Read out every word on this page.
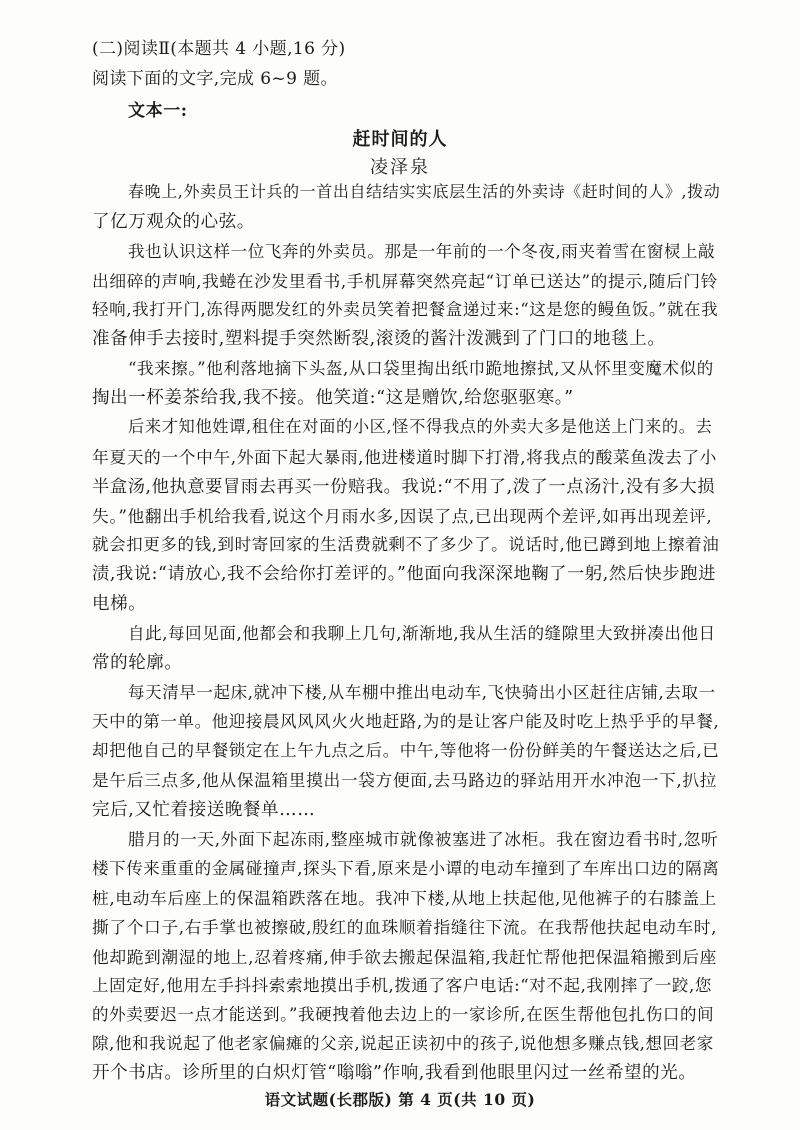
(二)阅读Ⅱ(本题共 4 小题,16 分)
阅读下面的文字,完成 6~9 题。
文本一:
赶时间的人
凌泽泉
春晚上,外卖员王计兵的一首出自结结实实底层生活的外卖诗《赶时间的人》,拨动
了亿万观众的心弦。
我也认识这样一位飞奔的外卖员。那是一年前的一个冬夜,雨夹着雪在窗棂上敲
出细碎的声响,我蜷在沙发里看书,手机屏幕突然亮起“订单已送达”的提示,随后门铃
轻响,我打开门,冻得两腮发红的外卖员笑着把餐盒递过来:“这是您的鳗鱼饭。”就在我
准备伸手去接时,塑料提手突然断裂,滚烫的酱汁泼溅到了门口的地毯上。
“我来擦。”他利落地摘下头盔,从口袋里掏出纸巾跪地擦拭,又从怀里变魔术似的
掏出一杯姜茶给我,我不接。他笑道:“这是赠饮,给您驱驱寒。”
后来才知他姓谭,租住在对面的小区,怪不得我点的外卖大多是他送上门来的。去
年夏天的一个中午,外面下起大暴雨,他进楼道时脚下打滑,将我点的酸菜鱼泼去了小
半盒汤,他执意要冒雨去再买一份赔我。我说:“不用了,泼了一点汤汁,没有多大损
失。”他翻出手机给我看,说这个月雨水多,因误了点,已出现两个差评,如再出现差评,
就会扣更多的钱,到时寄回家的生活费就剩不了多少了。说话时,他已蹲到地上擦着油
渍,我说:“请放心,我不会给你打差评的。”他面向我深深地鞠了一躬,然后快步跑进
电梯。
自此,每回见面,他都会和我聊上几句,渐渐地,我从生活的缝隙里大致拼凑出他日
常的轮廓。
每天清早一起床,就冲下楼,从车棚中推出电动车,飞快骑出小区赶往店铺,去取一
天中的第一单。他迎接晨风风风火火地赶路,为的是让客户能及时吃上热乎乎的早餐,
却把他自己的早餐锁定在上午九点之后。中午,等他将一份份鲜美的午餐送达之后,已
是午后三点多,他从保温箱里摸出一袋方便面,去马路边的驿站用开水冲泡一下,扒拉
完后,又忙着接送晚餐单……
腊月的一天,外面下起冻雨,整座城市就像被塞进了冰柜。我在窗边看书时,忽听
楼下传来重重的金属碰撞声,探头下看,原来是小谭的电动车撞到了车库出口边的隔离
桩,电动车后座上的保温箱跌落在地。我冲下楼,从地上扶起他,见他裤子的右膝盖上
撕了个口子,右手掌也被擦破,殷红的血珠顺着指缝往下流。在我帮他扶起电动车时,
他却跪到潮湿的地上,忍着疼痛,伸手欲去搬起保温箱,我赶忙帮他把保温箱搬到后座
上固定好,他用左手抖抖索索地摸出手机,拨通了客户电话:“对不起,我刚摔了一跤,您
的外卖要迟一点才能送到。”我硬拽着他去边上的一家诊所,在医生帮他包扎伤口的间
隙,他和我说起了他老家偏瘫的父亲,说起正读初中的孩子,说他想多赚点钱,想回老家
开个书店。诊所里的白炽灯管“嗡嗡”作响,我看到他眼里闪过一丝希望的光。
语文试题(长郡版) 第 4 页(共 10 页)
